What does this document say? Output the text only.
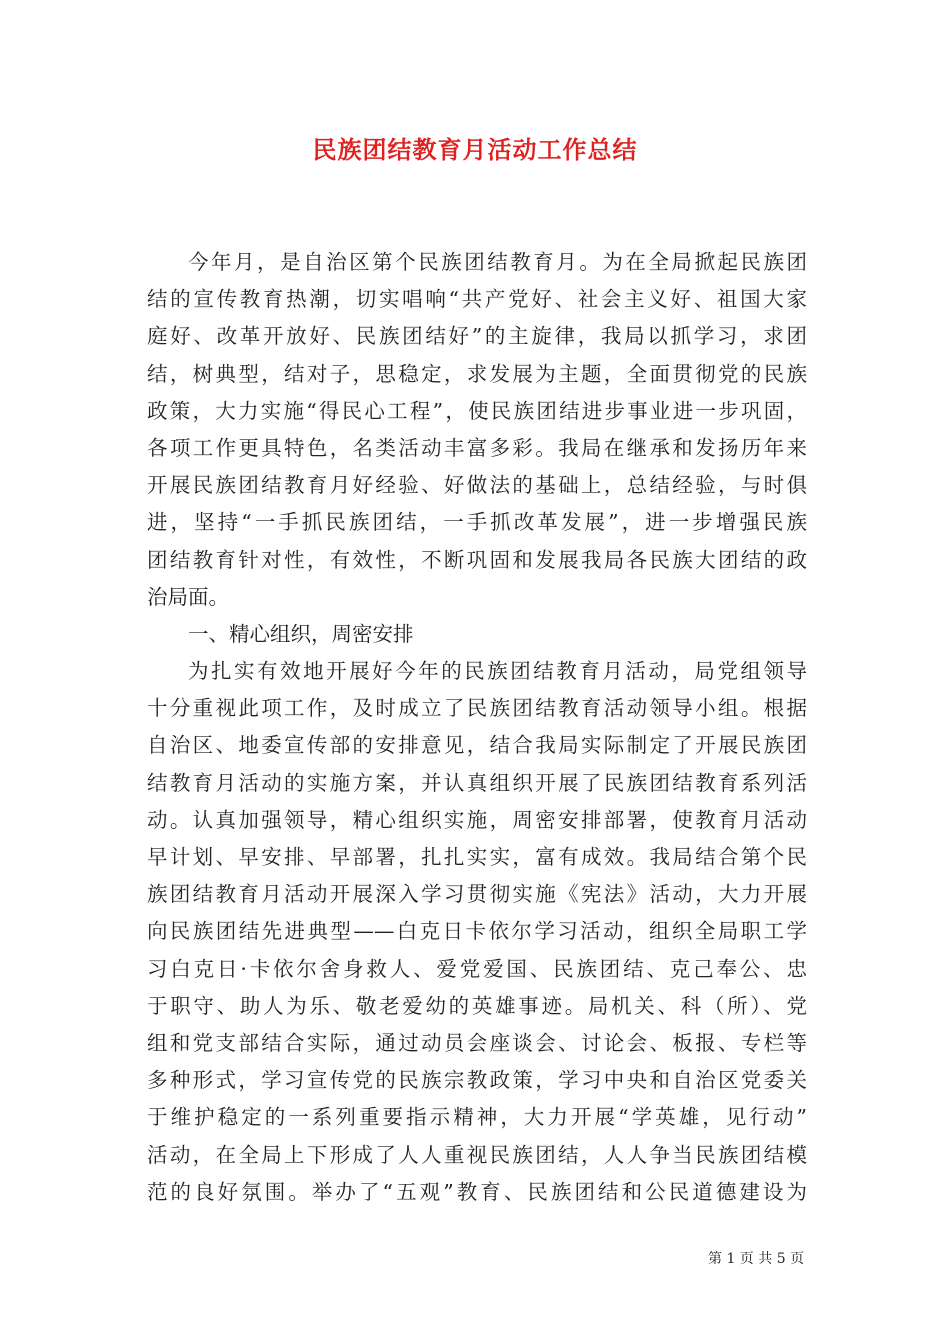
民族团结教育月活动工作总结
今年月，是自治区第个民族团结教育月。为在全局掀起民族团
结的宣传教育热潮，切实唱响“共产党好、社会主义好、祖国大家
庭好、改革开放好、民族团结好”的主旋律，我局以抓学习，求团
结，树典型，结对子，思稳定，求发展为主题，全面贯彻党的民族
政策，大力实施“得民心工程”，使民族团结进步事业进一步巩固，
各项工作更具特色，名类活动丰富多彩。我局在继承和发扬历年来
开展民族团结教育月好经验、好做法的基础上，总结经验，与时俱
进，坚持“一手抓民族团结，一手抓改革发展”，进一步增强民族
团结教育针对性，有效性，不断巩固和发展我局各民族大团结的政
治局面。
一、精心组织，周密安排
为扎实有效地开展好今年的民族团结教育月活动，局党组领导
十分重视此项工作，及时成立了民族团结教育活动领导小组。根据
自治区、地委宣传部的安排意见，结合我局实际制定了开展民族团
结教育月活动的实施方案，并认真组织开展了民族团结教育系列活
动。认真加强领导，精心组织实施，周密安排部署，使教育月活动
早计划、早安排、早部署，扎扎实实，富有成效。我局结合第个民
族团结教育月活动开展深入学习贯彻实施《宪法》活动，大力开展
向民族团结先进典型——白克日卡依尔学习活动，组织全局职工学
习白克日·卡依尔舍身救人、爱党爱国、民族团结、克己奉公、忠
于职守、助人为乐、敬老爱幼的英雄事迹。局机关、科（所）、党
组和党支部结合实际，通过动员会座谈会、讨论会、板报、专栏等
多种形式，学习宣传党的民族宗教政策，学习中央和自治区党委关
于维护稳定的一系列重要指示精神，大力开展“学英雄，见行动”
活动，在全局上下形成了人人重视民族团结，人人争当民族团结模
范的良好氛围。举办了“五观”教育、民族团结和公民道德建设为
第 1 页 共 5 页
